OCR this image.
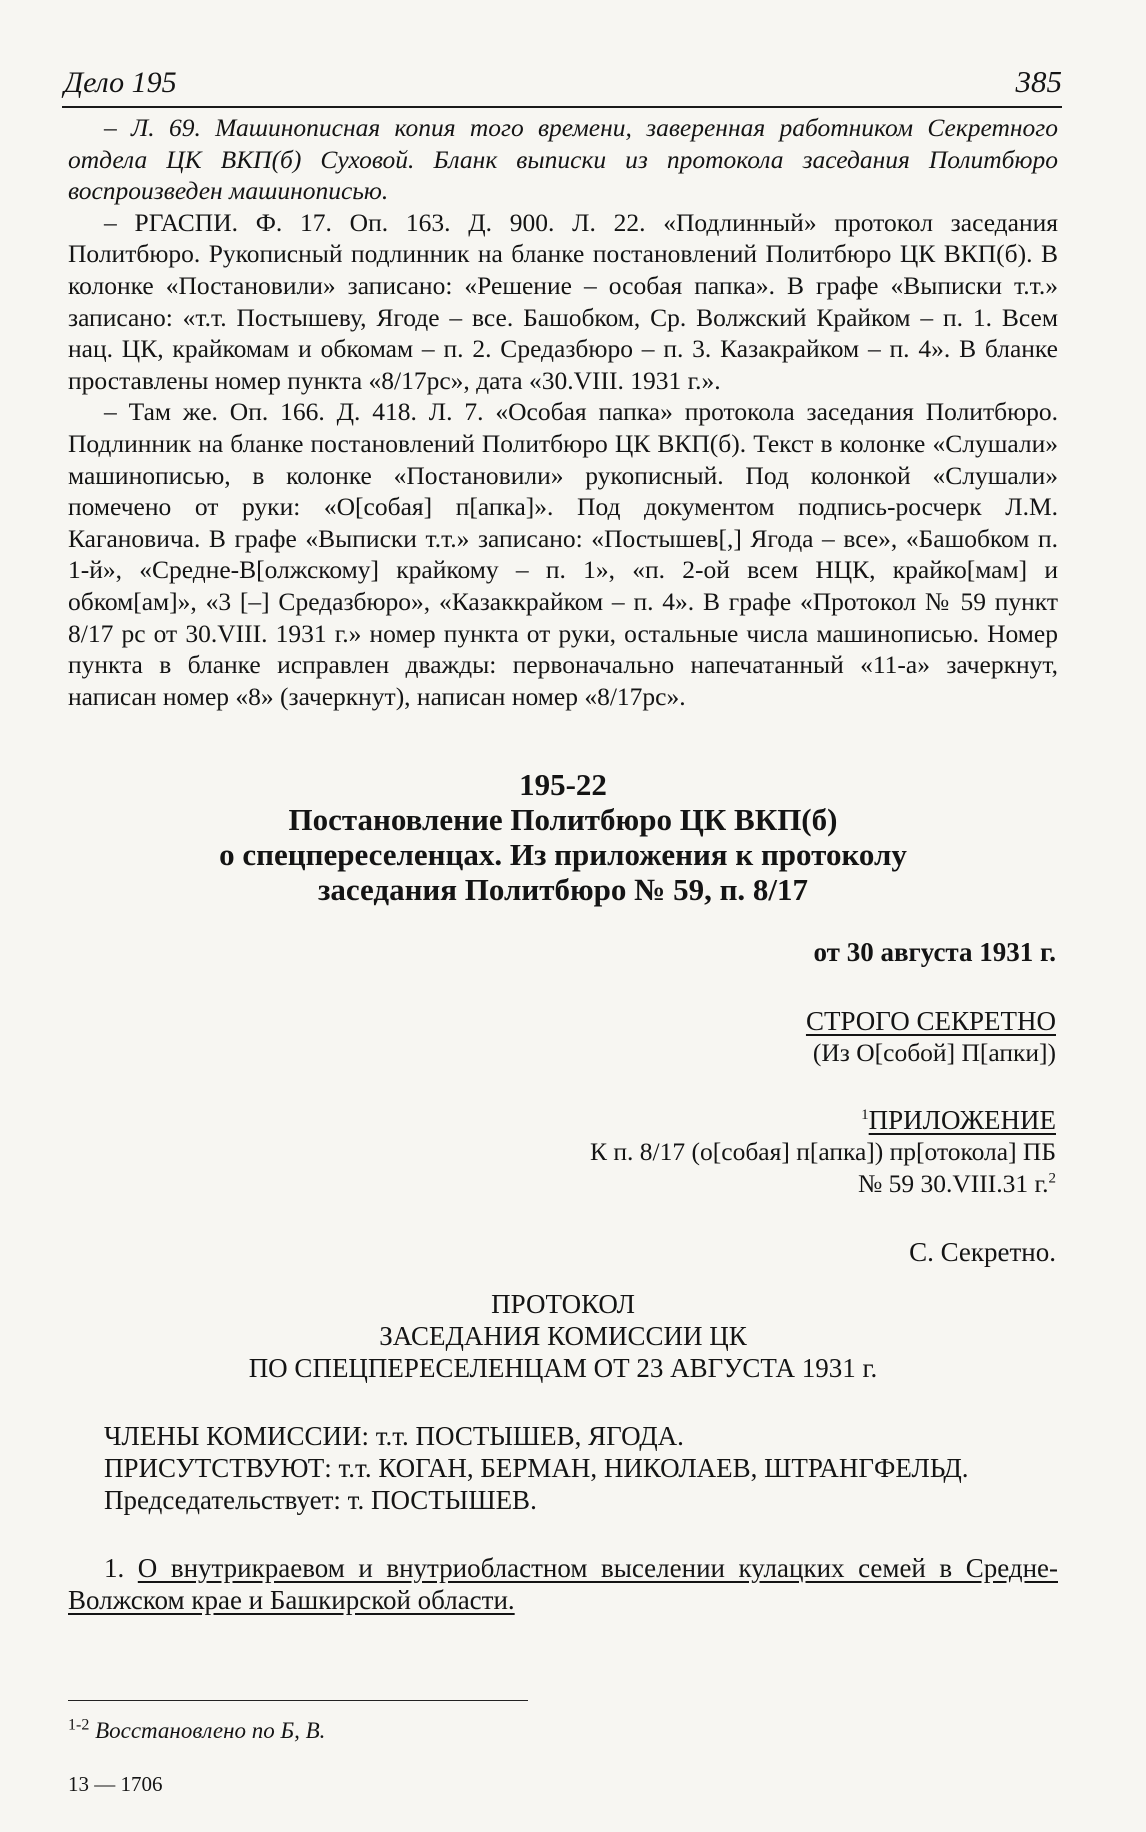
Дело 195	385

– Л. 69. Машинописная копия того времени, заверенная работником Секретного отдела ЦК ВКП(б) Суховой. Бланк выписки из протокола заседания Политбюро воспроизведен машинописью.

– РГАСПИ. Ф. 17. Оп. 163. Д. 900. Л. 22. «Подлинный» протокол заседания Политбюро. Рукописный подлинник на бланке постановлений Политбюро ЦК ВКП(б). В колонке «Постановили» записано: «Решение – особая папка». В графе «Выписки т.т.» записано: «т.т. Постышеву, Ягоде – все. Башобком, Ср. Волжский Крайком – п. 1. Всем нац. ЦК, крайкомам и обкомам – п. 2. Средазбюро – п. 3. Казакрайком – п. 4». В бланке проставлены номер пункта «8/17рс», дата «30.VIII. 1931 г.».

– Там же. Оп. 166. Д. 418. Л. 7. «Особая папка» протокола заседания Политбюро. Подлинник на бланке постановлений Политбюро ЦК ВКП(б). Текст в колонке «Слушали» машинописью, в колонке «Постановили» рукописный. Под колонкой «Слушали» помечено от руки: «О[собая] п[апка]». Под документом подпись-росчерк Л.М. Кагановича. В графе «Выписки т.т.» записано: «Постышев[,] Ягода – все», «Башобком п. 1-й», «Средне-В[олжскому] крайкому – п. 1», «п. 2-ой всем НЦК, крайко[мам] и обком[ам]», «3 [–] Средазбюро», «Казаккрайком – п. 4». В графе «Протокол № 59 пункт 8/17 рс от 30.VIII. 1931 г.» номер пункта от руки, остальные числа машинописью. Номер пункта в бланке исправлен дважды: первоначально напечатанный «11-а» зачеркнут, написан номер «8» (зачеркнут), написан номер «8/17рс».

195-22
Постановление Политбюро ЦК ВКП(б)
о спецпереселенцах. Из приложения к протоколу
заседания Политбюро № 59, п. 8/17
от 30 августа 1931 г.
СТРОГО СЕКРЕТНО
(Из О[собой] П[апки])
$^1$ПРИЛОЖЕНИЕ
К п. 8/17 (о[собая] п[апка]) пр[отокола] ПБ
№ 59 30.VIII.31 г.$^2$
С. Секретно.
ПРОТОКОЛ
ЗАСЕДАНИЯ КОМИССИИ ЦК
ПО СПЕЦПЕРЕСЕЛЕНЦАМ ОТ 23 АВГУСТА 1931 г.

ЧЛЕНЫ КОМИССИИ: т.т. ПОСТЫШЕВ, ЯГОДА.

ПРИСУТСТВУЮТ: т.т. КОГАН, БЕРМАН, НИКОЛАЕВ, ШТРАНГФЕЛЬД.

Председательствует: т. ПОСТЫШЕВ.

1. О внутрикраевом и внутриобластном выселении кулацких семей в Средне-Волжском крае и Башкирской области.

$^{1-2}$ Восстановлено по Б, В.
13 — 1706
